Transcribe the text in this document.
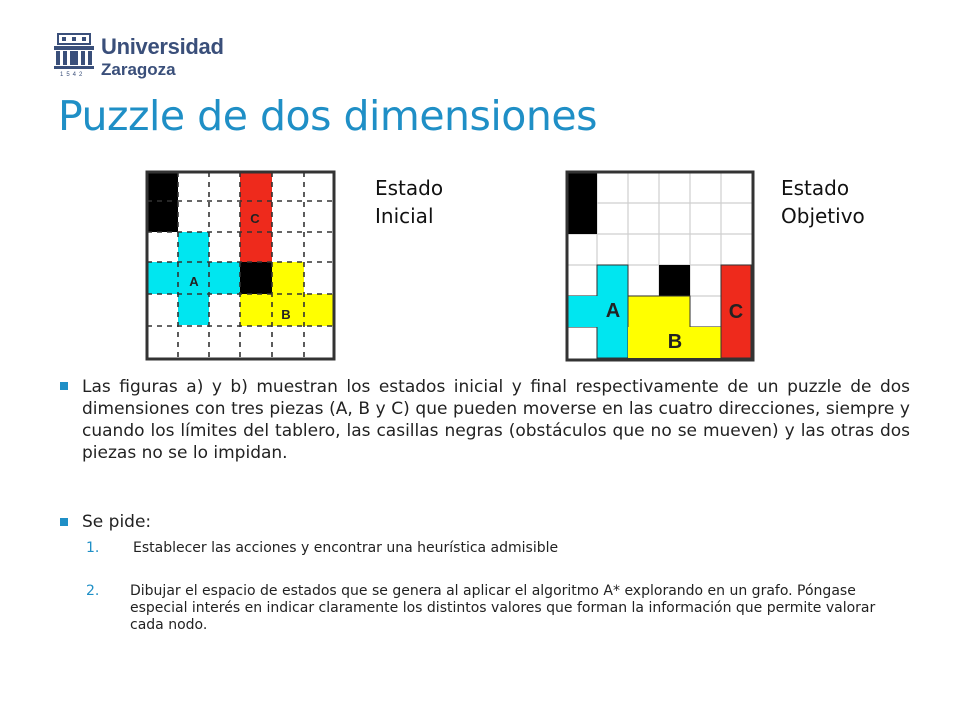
1542
Universidad
Zaragoza
Puzzle de dos dimensiones
C
A
B
Estado
Inicial
A
B
C
Estado
Objetivo
Las figuras a) y b) muestran los estados inicial y final respectivamente de un puzzle de dos dimensiones con tres piezas (A, B y C) que pueden moverse en las cuatro direcciones, siempre y cuando los límites del tablero, las casillas negras (obstáculos que no se mueven) y las otras dos piezas no se lo impidan.
Se pide:
1. Establecer las acciones y encontrar una heurística admisible
2. Dibujar el espacio de estados que se genera al aplicar el algoritmo A* explorando en un grafo. Póngase especial interés en indicar claramente los distintos valores que forman la información que permite valorar cada nodo.
